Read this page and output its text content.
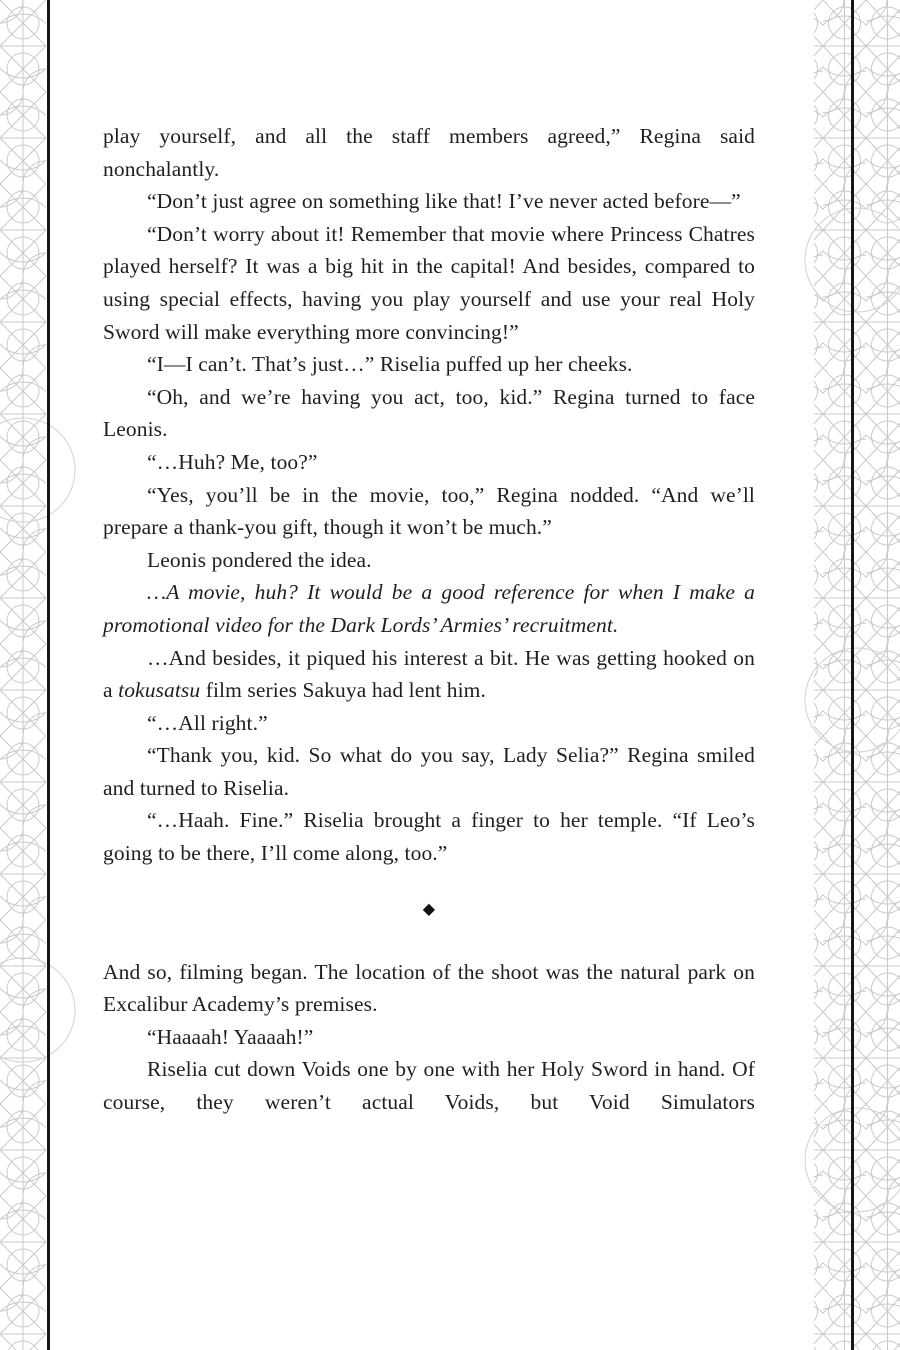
play yourself, and all the staff members agreed,” Regina said nonchalantly.

“Don’t just agree on something like that! I’ve never acted before—”

“Don’t worry about it! Remember that movie where Princess Chatres played herself? It was a big hit in the capital! And besides, compared to using special effects, having you play yourself and use your real Holy Sword will make everything more convincing!”

“I—I can’t. That’s just…” Riselia puffed up her cheeks.

“Oh, and we’re having you act, too, kid.” Regina turned to face Leonis.

“…Huh? Me, too?”

“Yes, you’ll be in the movie, too,” Regina nodded. “And we’ll prepare a thank-you gift, though it won’t be much.”

Leonis pondered the idea.

…A movie, huh? It would be a good reference for when I make a promotional video for the Dark Lords’ Armies’ recruitment.

…And besides, it piqued his interest a bit. He was getting hooked on a tokusatsu film series Sakuya had lent him.

“…All right.”

“Thank you, kid. So what do you say, Lady Selia?” Regina smiled and turned to Riselia.

“…Haah. Fine.” Riselia brought a finger to her temple. “If Leo’s going to be there, I’ll come along, too.”

◆

And so, filming began. The location of the shoot was the natural park on Excalibur Academy’s premises.

“Haaaah! Yaaaah!”

Riselia cut down Voids one by one with her Holy Sword in hand. Of course, they weren’t actual Voids, but Void Simulators
